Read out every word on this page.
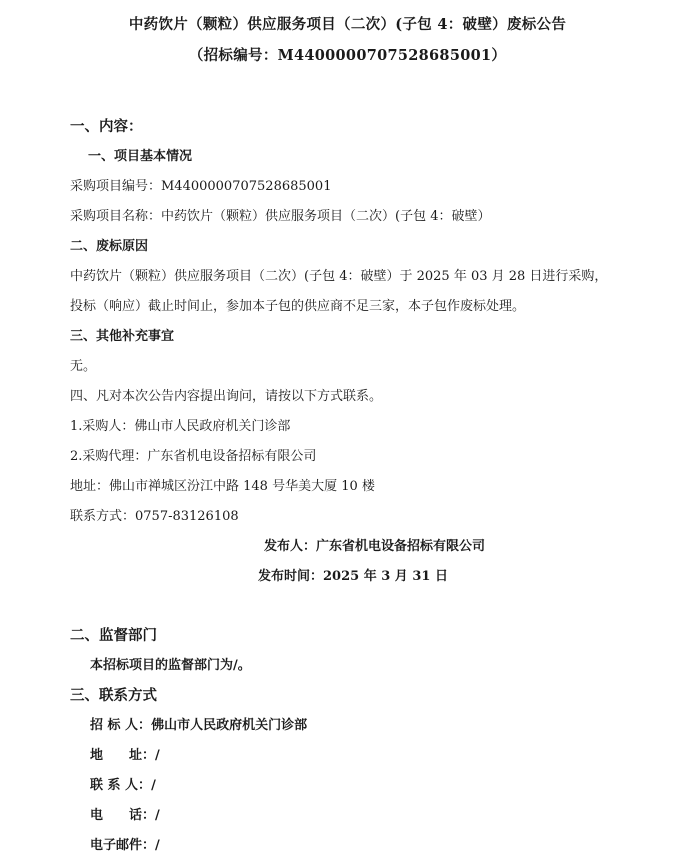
中药饮片（颗粒）供应服务项目（二次）(子包 4：破壁）废标公告
（招标编号：M4400000707528685001）
一、内容：
一、项目基本情况
采购项目编号：M4400000707528685001
采购项目名称：中药饮片（颗粒）供应服务项目（二次）(子包 4：破壁）
二、废标原因
中药饮片（颗粒）供应服务项目（二次）(子包 4：破壁）于 2025 年 03 月 28 日进行采购，
投标（响应）截止时间止，参加本子包的供应商不足三家，本子包作废标处理。
三、其他补充事宜
无。
四、凡对本次公告内容提出询问，请按以下方式联系。
1.采购人：佛山市人民政府机关门诊部
2.采购代理：广东省机电设备招标有限公司
地址：佛山市禅城区汾江中路 148 号华美大厦 10 楼
联系方式：0757-83126108
发布人：广东省机电设备招标有限公司
发布时间：2025 年 3 月 31 日
二、监督部门
本招标项目的监督部门为/。
三、联系方式
招 标 人：佛山市人民政府机关门诊部
地　　址：/
联 系 人：/
电　　话：/
电子邮件：/
